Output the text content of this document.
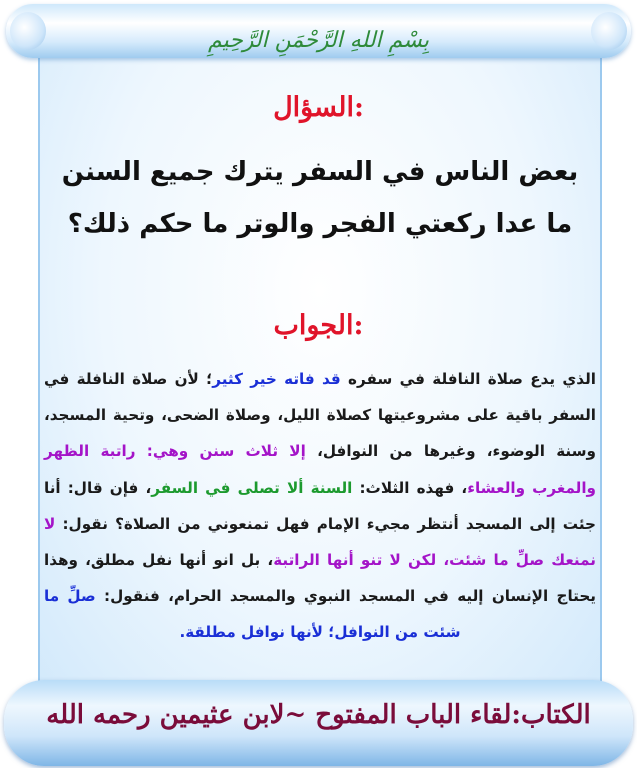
بِسْمِ اللهِ الرَّحْمَنِ الرَّحِيمِ
السؤال:
بعض الناس في السفر يترك جميع السنن ما عدا ركعتي الفجر والوتر ما حكم ذلك؟
الجواب:
الذي يدع صلاة النافلة في سفره قد فاته خير كثير؛ لأن صلاة النافلة في السفر باقية على مشروعيتها كصلاة الليل، وصلاة الضحى، وتحية المسجد، وسنة الوضوء، وغيرها من النوافل، إلا ثلاث سنن وهي: راتبة الظهر والمغرب والعشاء، فهذه الثلاث: السنة ألا تصلى في السفر، فإن قال: أنا جئت إلى المسجد أنتظر مجيء الإمام فهل تمنعوني من الصلاة؟ نقول: لا نمنعك صلِّ ما شئت، لكن لا تنو أنها الراتبة، بل انو أنها نفل مطلق، وهذا يحتاج الإنسان إليه في المسجد النبوي والمسجد الحرام، فنقول: صلِّ ما شئت من النوافل؛ لأنها نوافل مطلقة.
الكتاب:لقاء الباب المفتوح ~لابن عثيمين رحمه الله
